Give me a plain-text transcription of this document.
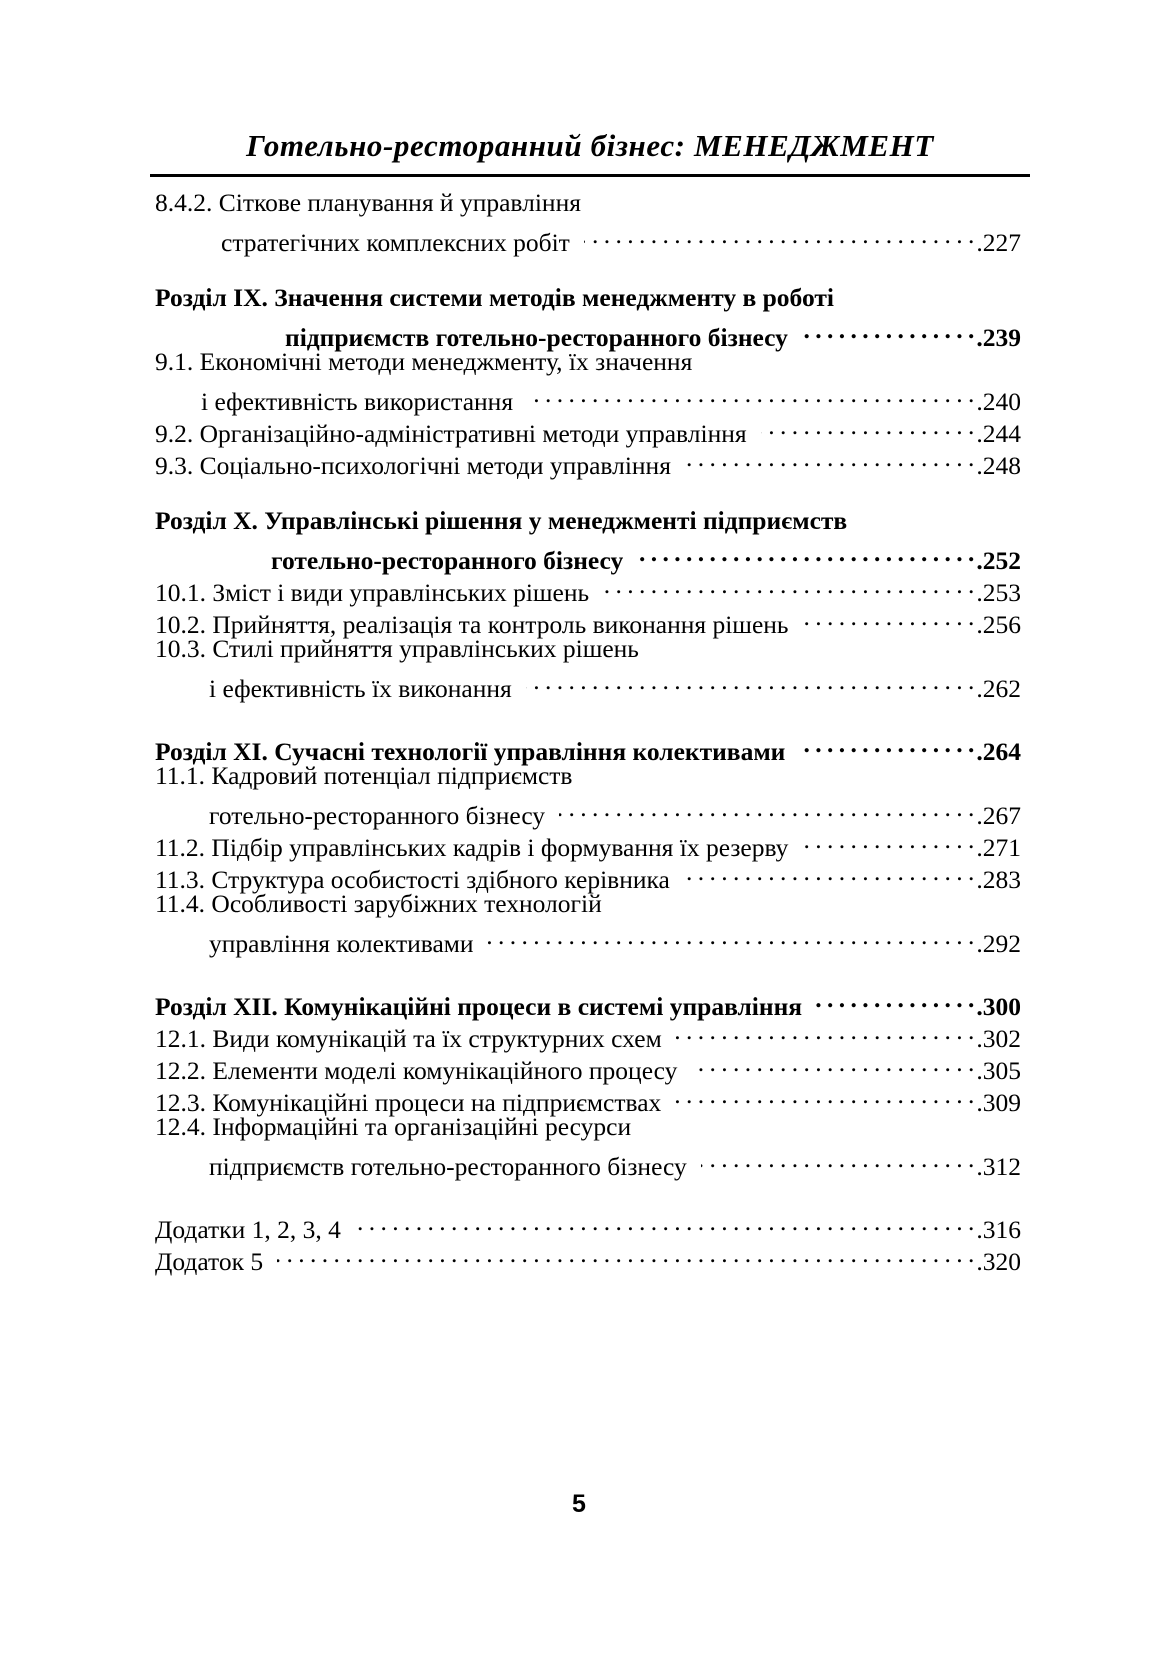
Готельно-ресторанний бізнес: МЕНЕДЖМЕНТ
8.4.2. Сіткове планування й управління
стратегічних комплексних робіт . . .	.227
Розділ IX. Значення системи методів менеджменту в роботі
підприємств готельно-ресторанного бізнесу . . .	.239
9.1. Економічні методи менеджменту, їх значення
і ефективність використання . . .	.240
9.2. Організаційно-адміністративні методи управління . . .	.244
9.3. Соціально-психологічні методи управління . . .	.248
Розділ X. Управлінські рішення у менеджменті підприємств
готельно-ресторанного бізнесу . . .	.252
10.1. Зміст і види управлінських рішень . . .	.253
10.2. Прийняття, реалізація та контроль виконання рішень . . .	.256
10.3. Стилі прийняття управлінських рішень
і ефективність їх виконання . . .	.262
Розділ XI. Сучасні технології управління колективами . . .	.264
11.1. Кадровий потенціал підприємств
готельно-ресторанного бізнесу . . .	.267
11.2. Підбір управлінських кадрів і формування їх резерву . . .	.271
11.3. Структура особистості здібного керівника . . .	.283
11.4. Особливості зарубіжних технологій
управління колективами . . .	.292
Розділ XII. Комунікаційні процеси в системі управління . . .	.300
12.1. Види комунікацій та їх структурних схем . . .	.302
12.2. Елементи моделі комунікаційного процесу . . .	.305
12.3. Комунікаційні процеси на підприємствах . . .	.309
12.4. Інформаційні та організаційні ресурси
підприємств готельно-ресторанного бізнесу . . .	.312
Додатки 1, 2, 3, 4 . . .	.316
Додаток 5 . . .	.320
5
